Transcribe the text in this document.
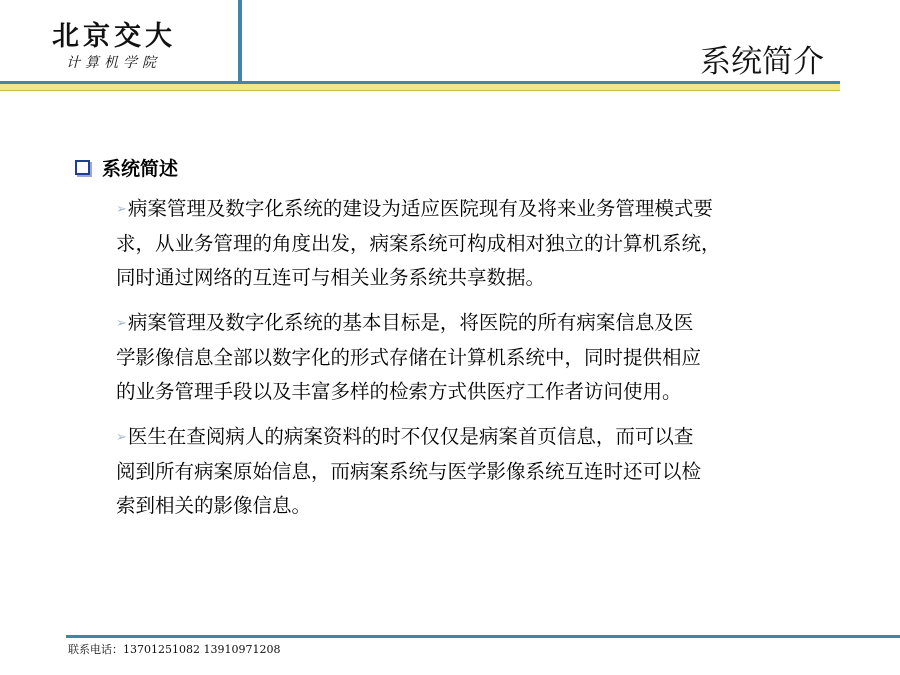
北京交大
计算机学院	系统简介
系统简述
➢病案管理及数字化系统的建设为适应医院现有及将来业务管理模式要
求，从业务管理的角度出发，病案系统可构成相对独立的计算机系统，
同时通过网络的互连可与相关业务系统共享数据。
➢病案管理及数字化系统的基本目标是，将医院的所有病案信息及医
学影像信息全部以数字化的形式存储在计算机系统中，同时提供相应
的业务管理手段以及丰富多样的检索方式供医疗工作者访问使用。
➢医生在查阅病人的病案资料的时不仅仅是病案首页信息，而可以查
阅到所有病案原始信息，而病案系统与医学影像系统互连时还可以检
索到相关的影像信息。
联系电话：13701251082 13910971208
